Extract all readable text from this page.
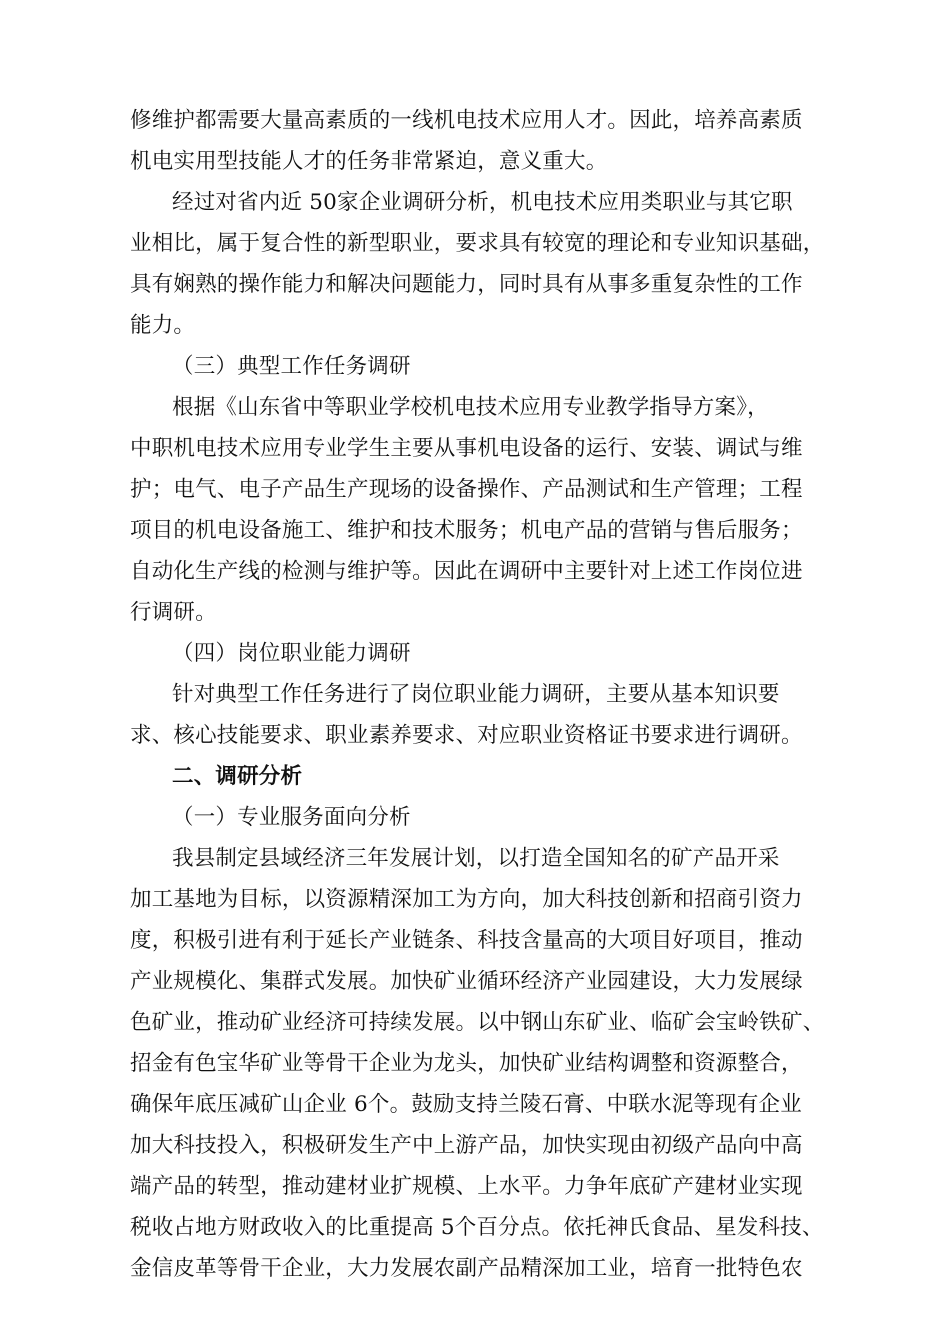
修维护都需要大量高素质的一线机电技术应用人才。因此，培养高素质
机电实用型技能人才的任务非常紧迫，意义重大。
经过对省内近 50家企业调研分析，机电技术应用类职业与其它职
业相比，属于复合性的新型职业，要求具有较宽的理论和专业知识基础，
具有娴熟的操作能力和解决问题能力，同时具有从事多重复杂性的工作
能力。
（三）典型工作任务调研
根据《山东省中等职业学校机电技术应用专业教学指导方案》，
中职机电技术应用专业学生主要从事机电设备的运行、安装、调试与维
护；电气、电子产品生产现场的设备操作、产品测试和生产管理；工程
项目的机电设备施工、维护和技术服务；机电产品的营销与售后服务；
自动化生产线的检测与维护等。因此在调研中主要针对上述工作岗位进
行调研。
（四）岗位职业能力调研
针对典型工作任务进行了岗位职业能力调研，主要从基本知识要
求、核心技能要求、职业素养要求、对应职业资格证书要求进行调研。
二、调研分析
（一）专业服务面向分析
我县制定县域经济三年发展计划，以打造全国知名的矿产品开采
加工基地为目标，以资源精深加工为方向，加大科技创新和招商引资力
度，积极引进有利于延长产业链条、科技含量高的大项目好项目，推动
产业规模化、集群式发展。加快矿业循环经济产业园建设，大力发展绿
色矿业，推动矿业经济可持续发展。以中钢山东矿业、临矿会宝岭铁矿、
招金有色宝华矿业等骨干企业为龙头，加快矿业结构调整和资源整合，
确保年底压减矿山企业 6个。鼓励支持兰陵石膏、中联水泥等现有企业
加大科技投入，积极研发生产中上游产品，加快实现由初级产品向中高
端产品的转型，推动建材业扩规模、上水平。力争年底矿产建材业实现
税收占地方财政收入的比重提高 5个百分点。依托神氏食品、星发科技、
金信皮革等骨干企业，大力发展农副产品精深加工业，培育一批特色农
